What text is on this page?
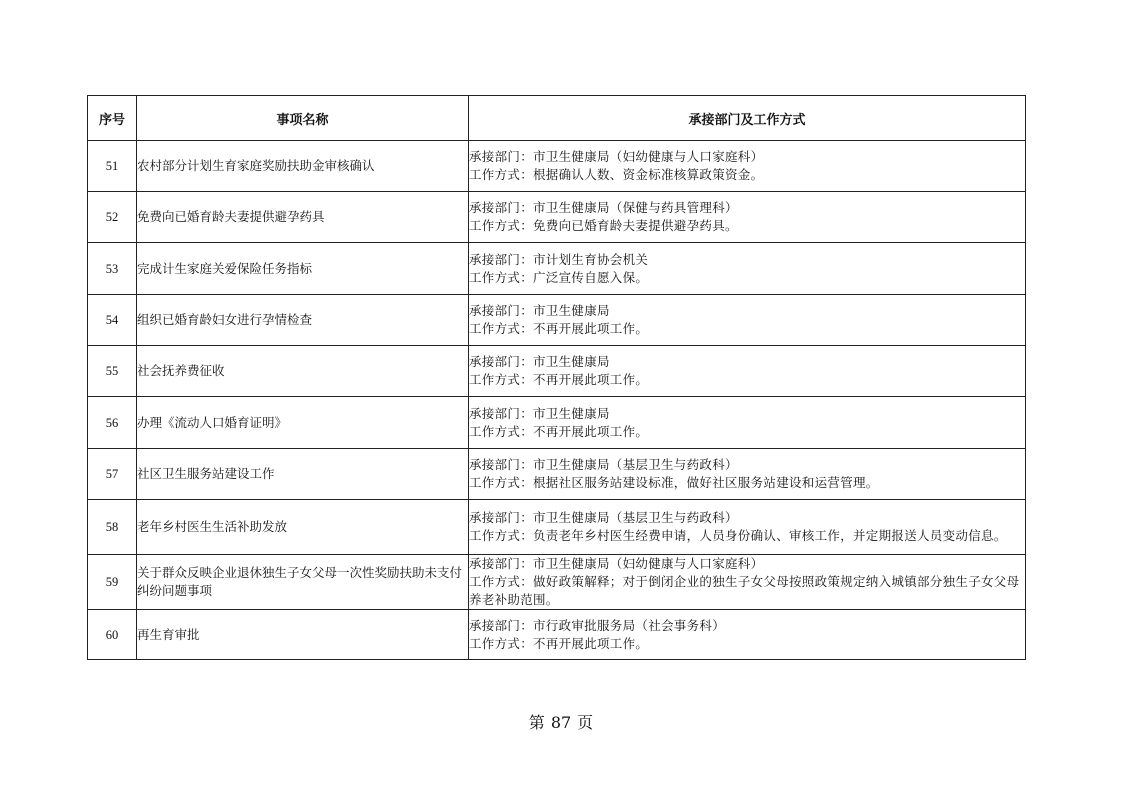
序号	事项名称	承接部门及工作方式
51	农村部分计划生育家庭奖励扶助金审核确认	承接部门：市卫生健康局（妇幼健康与人口家庭科）
工作方式：根据确认人数、资金标准核算政策资金。

52	免费向已婚育龄夫妻提供避孕药具	承接部门：市卫生健康局（保健与药具管理科）
工作方式：免费向已婚育龄夫妻提供避孕药具。

53	完成计生家庭关爱保险任务指标	承接部门：市计划生育协会机关
工作方式：广泛宣传自愿入保。

54	组织已婚育龄妇女进行孕情检查	承接部门：市卫生健康局
工作方式：不再开展此项工作。

55	社会抚养费征收	承接部门：市卫生健康局
工作方式：不再开展此项工作。

56	办理《流动人口婚育证明》	承接部门：市卫生健康局
工作方式：不再开展此项工作。

57	社区卫生服务站建设工作	承接部门：市卫生健康局（基层卫生与药政科）
工作方式：根据社区服务站建设标准，做好社区服务站建设和运营管理。

58	老年乡村医生生活补助发放	承接部门：市卫生健康局（基层卫生与药政科）
工作方式：负责老年乡村医生经费申请，人员身份确认、审核工作，并定期报送人员变动信息。

59	关于群众反映企业退休独生子女父母一次性奖励扶助未支付纠纷问题事项	承接部门：市卫生健康局（妇幼健康与人口家庭科）
工作方式：做好政策解释；对于倒闭企业的独生子女父母按照政策规定纳入城镇部分独生子女父母养老补助范围。

60	再生育审批	承接部门：市行政审批服务局（社会事务科）
工作方式：不再开展此项工作。
第 87 页
